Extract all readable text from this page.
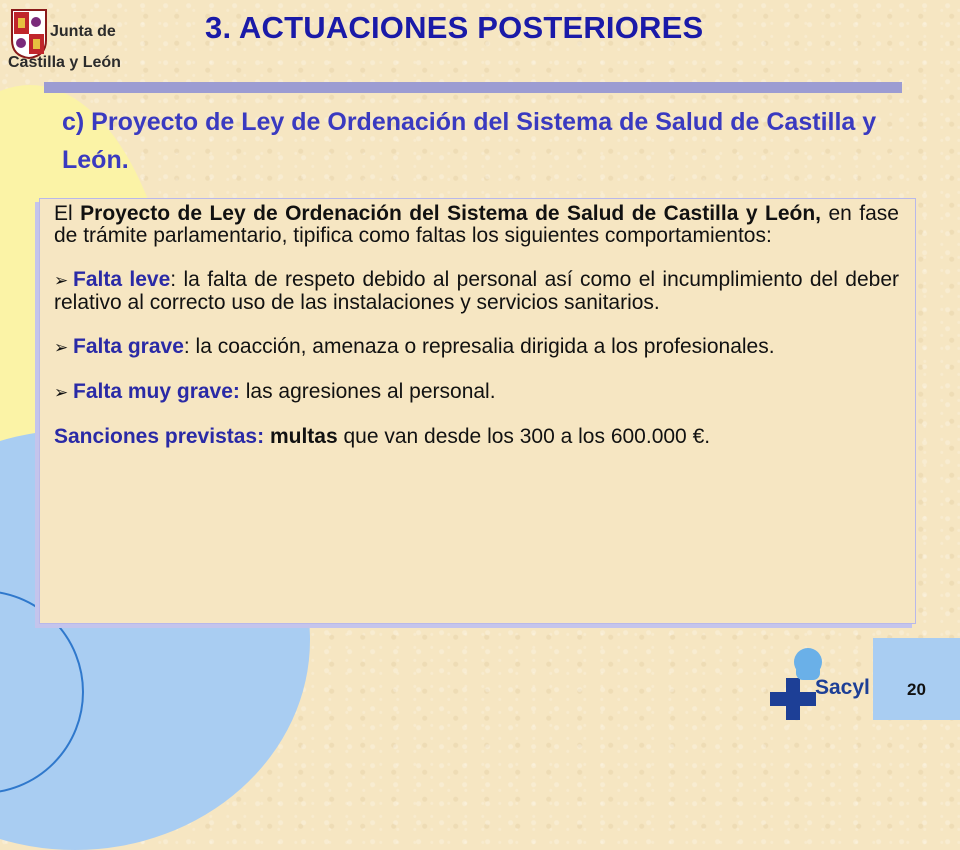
Junta de
Castilla y León
3. ACTUACIONES POSTERIORES
c) Proyecto de Ley de Ordenación del Sistema de Salud de Castilla y León.

El Proyecto de Ley de Ordenación del Sistema de Salud de Castilla y León, en fase de trámite parlamentario, tipifica como faltas los siguientes comportamientos:

➢ Falta leve: la falta de respeto debido al personal así como el incumplimiento del deber relativo al correcto uso de las instalaciones y servicios sanitarios.

➢ Falta grave: la coacción, amenaza o represalia dirigida a los profesionales.

➢ Falta muy grave: las agresiones al personal.

Sanciones previstas: multas que van desde los 300 a los 600.000 €.

Sacyl	20
